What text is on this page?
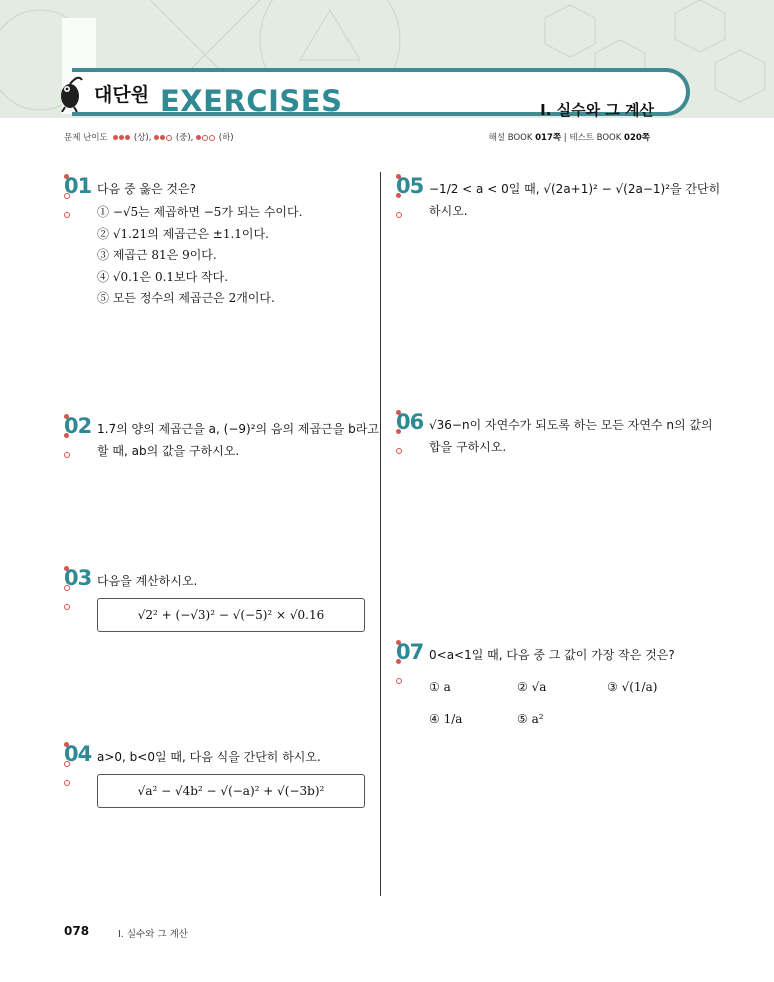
대단원 EXERCISES	Ⅰ. 실수와 그 계산
문제 난이도	(상),	(중),	(하)	해설 BOOK 017쪽 | 테스트 BOOK 020쪽
01 다음 중 옳은 것은?
① −√5는 제곱하면 −5가 되는 수이다.
② √1.21의 제곱근은 ±1.1이다.
③ 제곱근 81은 9이다.
④ √0.1은 0.1보다 작다.
⑤ 모든 정수의 제곱근은 2개이다.
02 1.7̇의 양의 제곱근을 a, (−9)²의 음의 제곱근을 b라고
할 때, ab의 값을 구하시오.
03 다음을 계산하시오.
√2² + (−√3)² − √(−5)² × √0.16
04 a>0, b<0일 때, 다음 식을 간단히 하시오.
√a² − √4b² − √(−a)² + √(−3b)²
05 −1/2 < a < 0일 때, √(2a+1)² − √(2a−1)²을 간단히
하시오.
06 √36−n이 자연수가 되도록 하는 모든 자연수 n의 값의
합을 구하시오.
07 0<a<1일 때, 다음 중 그 값이 가장 작은 것은?
① a	② √a	③ √(1/a)
④ 1/a	⑤ a²
078	Ⅰ. 실수와 그 계산
